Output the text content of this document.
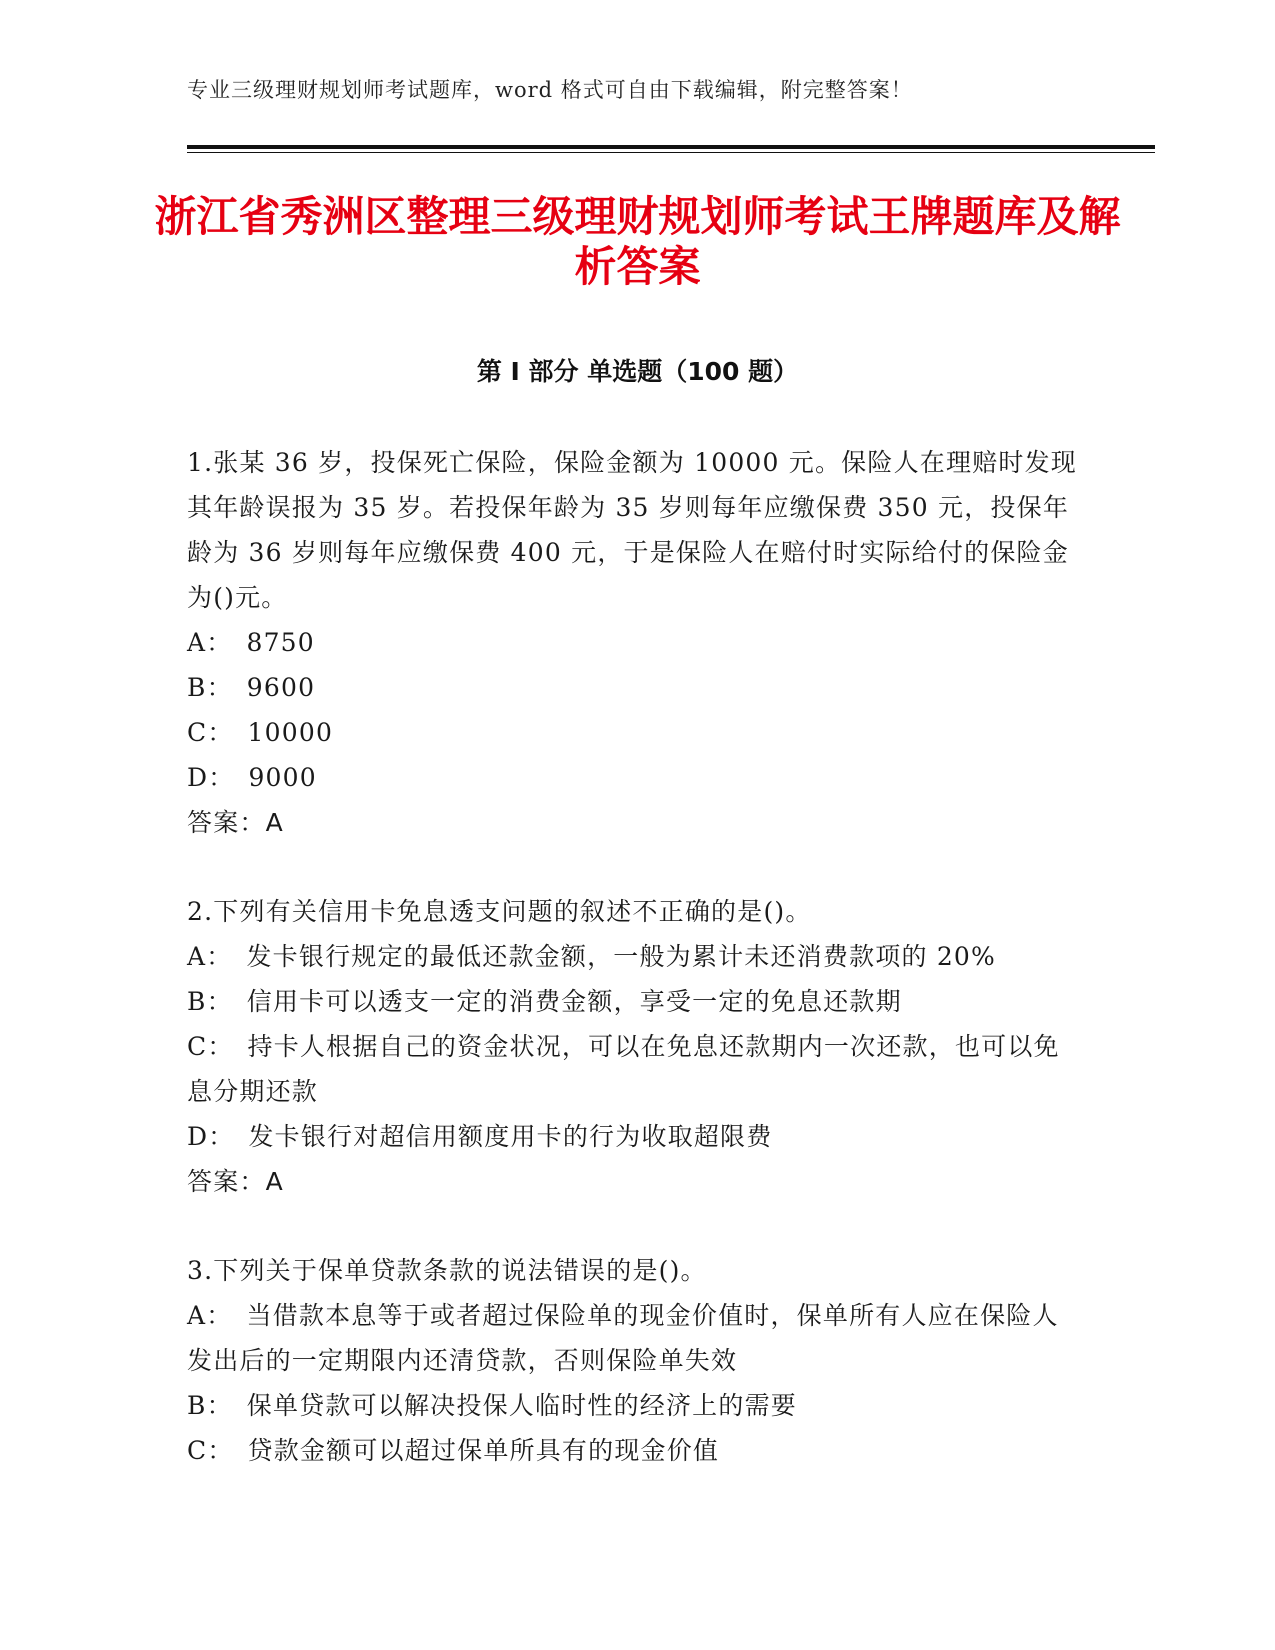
专业三级理财规划师考试题库，word 格式可自由下载编辑，附完整答案！
浙江省秀洲区整理三级理财规划师考试王牌题库及解析答案
第 I 部分 单选题（100 题）

1.张某 36 岁，投保死亡保险，保险金额为 10000 元。保险人在理赔时发现其年龄误报为 35 岁。若投保年龄为 35 岁则每年应缴保费 350 元，投保年龄为 36 岁则每年应缴保费 400 元，于是保险人在赔付时实际给付的保险金为()元。

A： 8750

B： 9600

C： 10000

D： 9000

答案：A

2.下列有关信用卡免息透支问题的叙述不正确的是()。

A： 发卡银行规定的最低还款金额，一般为累计未还消费款项的 20%

B： 信用卡可以透支一定的消费金额，享受一定的免息还款期

C： 持卡人根据自己的资金状况，可以在免息还款期内一次还款，也可以免息分期还款

D： 发卡银行对超信用额度用卡的行为收取超限费

答案：A

3.下列关于保单贷款条款的说法错误的是()。

A： 当借款本息等于或者超过保险单的现金价值时，保单所有人应在保险人发出后的一定期限内还清贷款，否则保险单失效

B： 保单贷款可以解决投保人临时性的经济上的需要

C： 贷款金额可以超过保单所具有的现金价值
